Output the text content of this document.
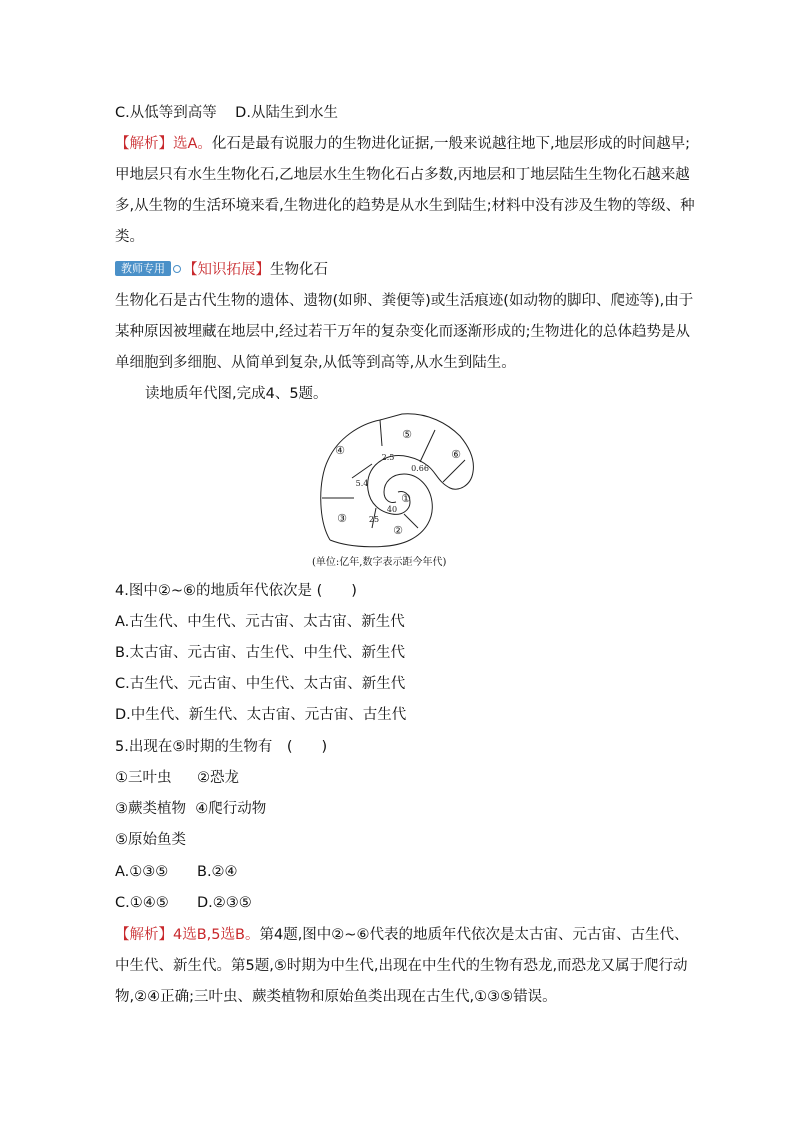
C.从低等到高等 D.从陆生到水生
【解析】选A。化石是最有说服力的生物进化证据,一般来说越往地下,地层形成的时间越早;
甲地层只有水生生物化石,乙地层水生生物化石占多数,丙地层和丁地层陆生生物化石越来越
多,从生物的生活环境来看,生物进化的趋势是从水生到陆生;材料中没有涉及生物的等级、种
类。
教师专用 【知识拓展】生物化石
生物化石是古代生物的遗体、遗物(如卵、粪便等)或生活痕迹(如动物的脚印、爬迹等),由于
某种原因被埋藏在地层中,经过若干万年的复杂变化而逐渐形成的;生物进化的总体趋势是从
单细胞到多细胞、从简单到复杂,从低等到高等,从水生到陆生。
读地质年代图,完成4、5题。
④
⑤
⑥
③
①
②
2.5
0.66
5.4
40
25
(单位:亿年,数字表示距今年代)
4.图中②~⑥的地质年代依次是 (　　)
A.古生代、中生代、元古宙、太古宙、新生代
B.太古宙、元古宙、古生代、中生代、新生代
C.古生代、元古宙、中生代、太古宙、新生代
D.中生代、新生代、太古宙、元古宙、古生代
5.出现在⑤时期的生物有　(　　)
①三叶虫 ②恐龙
③蕨类植物 ④爬行动物
⑤原始鱼类
A.①③⑤ B.②④
C.①④⑤ D.②③⑤
【解析】4选B,5选B。第4题,图中②~⑥代表的地质年代依次是太古宙、元古宙、古生代、
中生代、新生代。第5题,⑤时期为中生代,出现在中生代的生物有恐龙,而恐龙又属于爬行动
物,②④正确;三叶虫、蕨类植物和原始鱼类出现在古生代,①③⑤错误。
